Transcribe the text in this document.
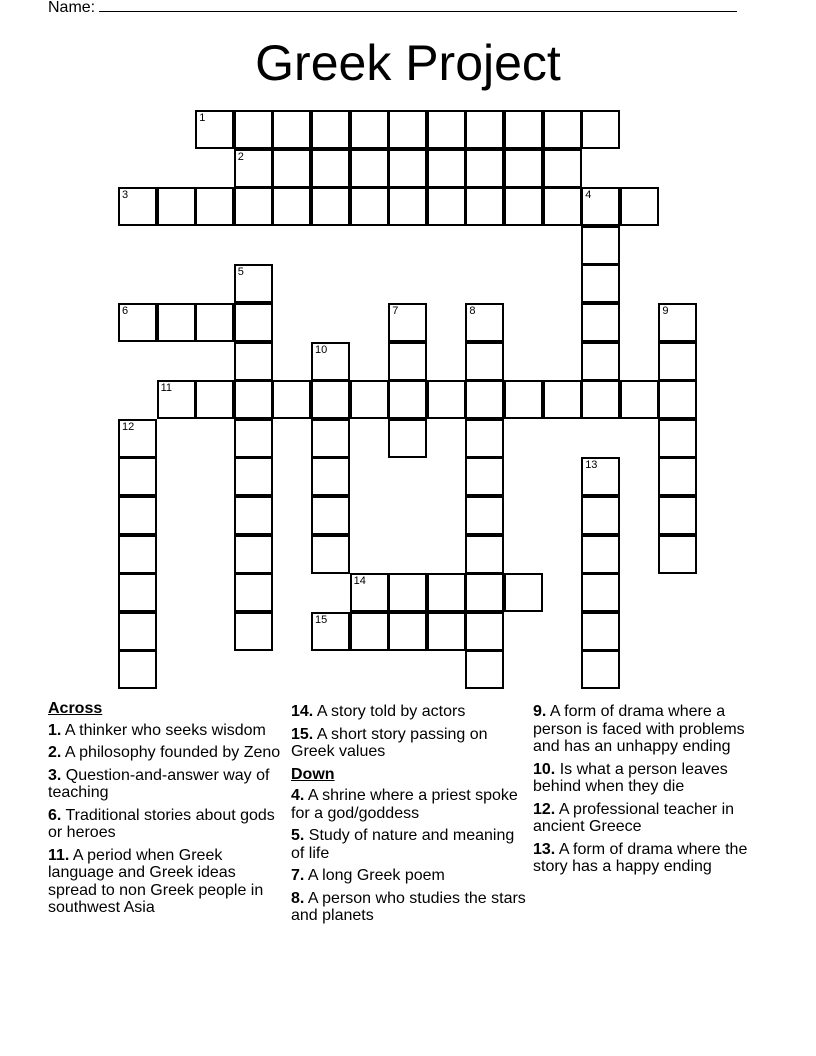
Name:
Greek Project
1
2
3	4
5
6	7	8	9
10
11
12
13
14
15
Across
1. A thinker who seeks wisdom
2. A philosophy founded by Zeno
3. Question-and-answer way of teaching
6. Traditional stories about gods or heroes
11. A period when Greek language and Greek ideas spread to non Greek people in southwest Asia
14. A story told by actors
15. A short story passing on Greek values
Down
4. A shrine where a priest spoke for a god/goddess
5. Study of nature and meaning of life
7. A long Greek poem
8. A person who studies the stars and planets
9. A form of drama where a person is faced with problems and has an unhappy ending
10. Is what a person leaves behind when they die
12. A professional teacher in ancient Greece
13. A form of drama where the story has a happy ending
